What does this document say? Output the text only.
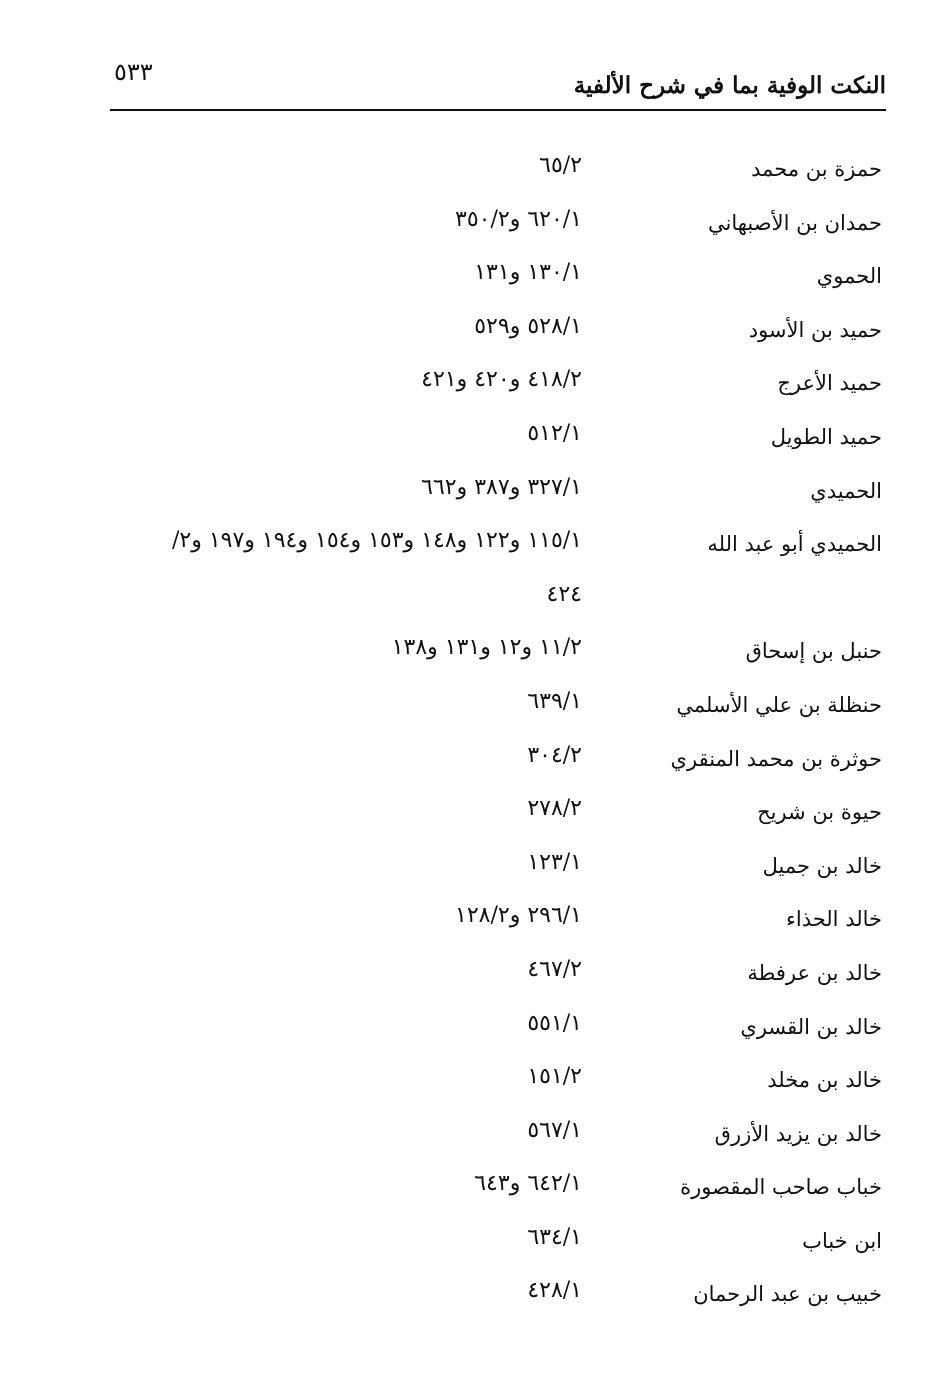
النكت الوفية بما في شرح الألفية
٥٣٣
حمزة بن محمد
٦٥/٢
حمدان بن الأصبهاني
٦٢٠/١ و٣٥٠/٢
الحموي
١٣٠/١ و١٣١
حميد بن الأسود
٥٢٨/١ و٥٢٩
حميد الأعرج
٤١٨/٢ و٤٢٠ و٤٢١
حميد الطويل
٥١٢/١
الحميدي
٣٢٧/١ و٣٨٧ و٦٦٢
الحميدي أبو عبد الله
١١٥/١ و١٢٢ و١٤٨ و١٥٣ و١٥٤ و١٩٤ و١٩٧ و٢/
٤٢٤
حنبل بن إسحاق
١١/٢ و١٢ و١٣١ و١٣٨
حنظلة بن علي الأسلمي
٦٣٩/١
حوثرة بن محمد المنقري
٣٠٤/٢
حيوة بن شريح
٢٧٨/٢
خالد بن جميل
١٢٣/١
خالد الحذاء
٢٩٦/١ و١٢٨/٢
خالد بن عرفطة
٤٦٧/٢
خالد بن القسري
٥٥١/١
خالد بن مخلد
١٥١/٢
خالد بن يزيد الأزرق
٥٦٧/١
خباب صاحب المقصورة
٦٤٢/١ و٦٤٣
ابن خباب
٦٣٤/١
خبيب بن عبد الرحمان
٤٢٨/١
